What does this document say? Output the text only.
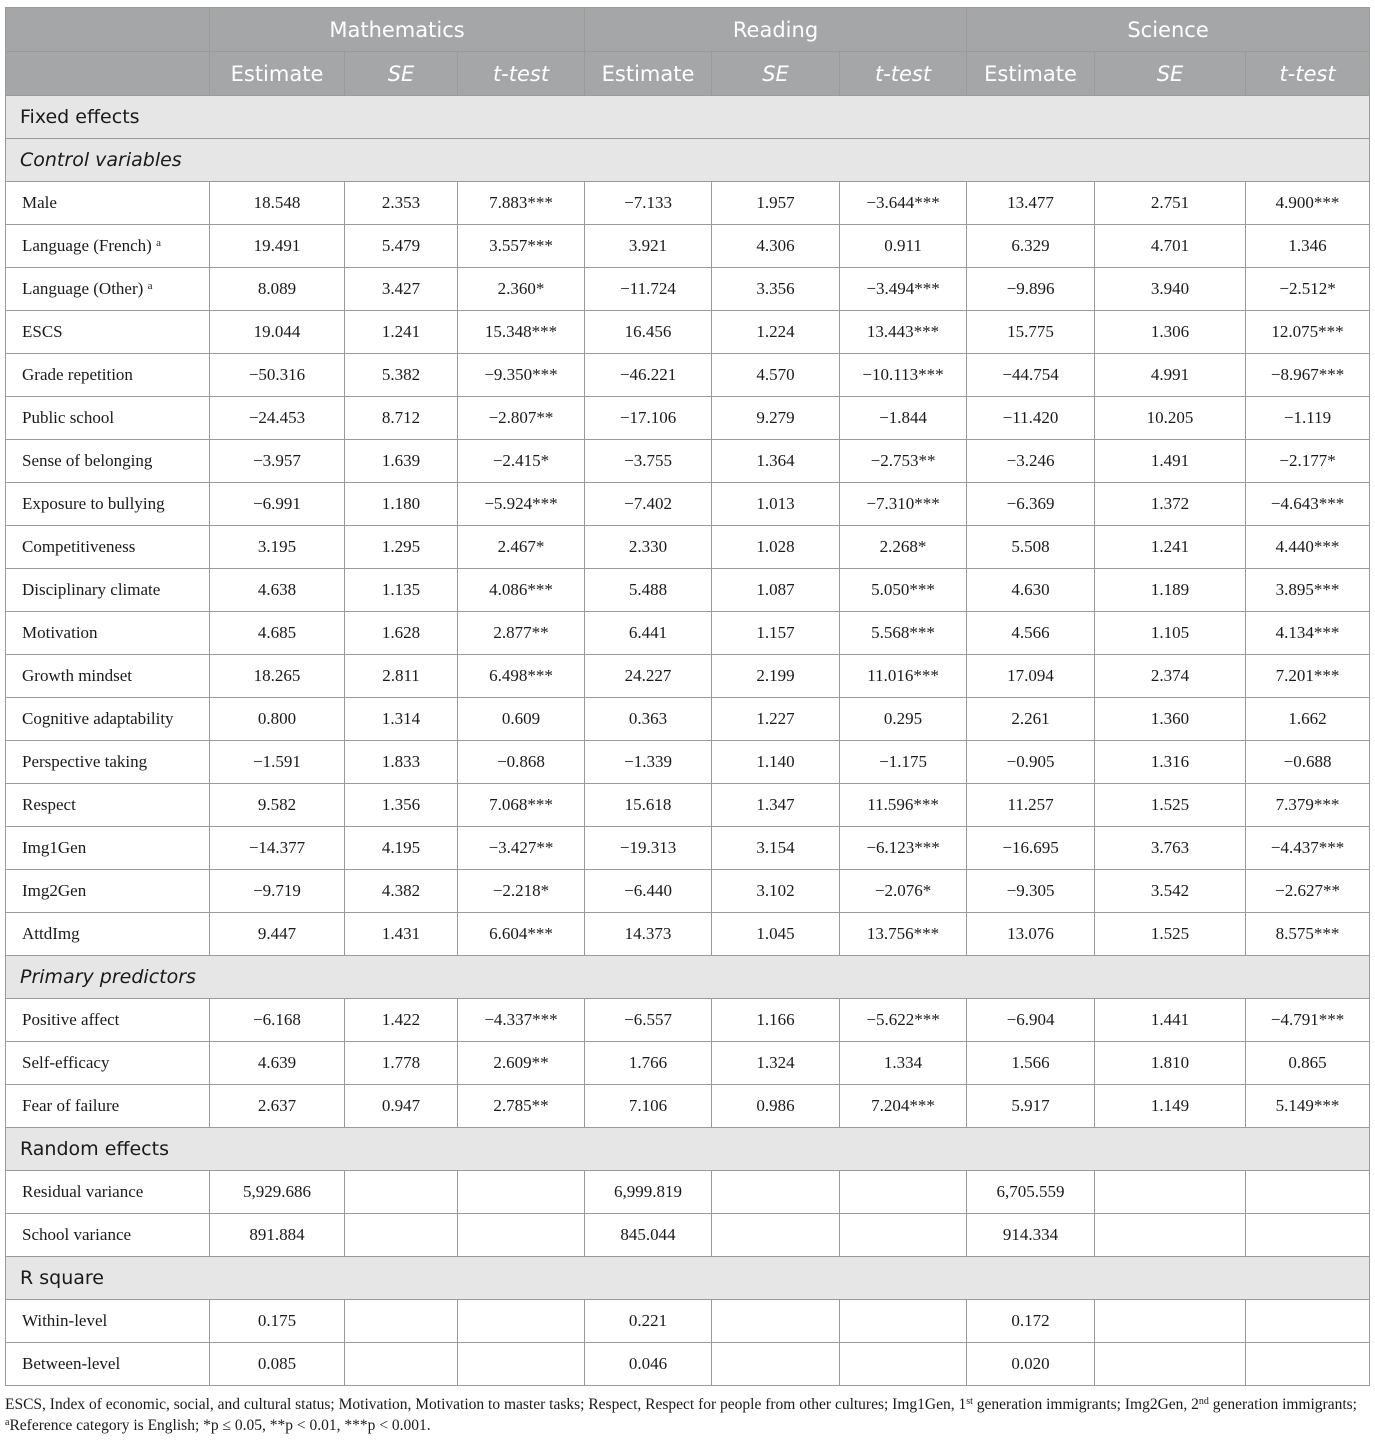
	Mathematics			Reading			Science		
	Estimate	SE	t-test	Estimate	SE	t-test	Estimate	SE	t-test
Fixed effects									
Control variables									
Male	18.548	2.353	7.883***	−7.133	1.957	−3.644***	13.477	2.751	4.900***
Language (French) $^a$	19.491	5.479	3.557***	3.921	4.306	0.911	6.329	4.701	1.346
Language (Other) $^a$	8.089	3.427	2.360*	−11.724	3.356	−3.494***	−9.896	3.940	−2.512*
ESCS	19.044	1.241	15.348***	16.456	1.224	13.443***	15.775	1.306	12.075***
Grade repetition	−50.316	5.382	−9.350***	−46.221	4.570	−10.113***	−44.754	4.991	−8.967***
Public school	−24.453	8.712	−2.807**	−17.106	9.279	−1.844	−11.420	10.205	−1.119
Sense of belonging	−3.957	1.639	−2.415*	−3.755	1.364	−2.753**	−3.246	1.491	−2.177*
Exposure to bullying	−6.991	1.180	−5.924***	−7.402	1.013	−7.310***	−6.369	1.372	−4.643***
Competitiveness	3.195	1.295	2.467*	2.330	1.028	2.268*	5.508	1.241	4.440***
Disciplinary climate	4.638	1.135	4.086***	5.488	1.087	5.050***	4.630	1.189	3.895***
Motivation	4.685	1.628	2.877**	6.441	1.157	5.568***	4.566	1.105	4.134***
Growth mindset	18.265	2.811	6.498***	24.227	2.199	11.016***	17.094	2.374	7.201***
Cognitive adaptability	0.800	1.314	0.609	0.363	1.227	0.295	2.261	1.360	1.662
Perspective taking	−1.591	1.833	−0.868	−1.339	1.140	−1.175	−0.905	1.316	−0.688
Respect	9.582	1.356	7.068***	15.618	1.347	11.596***	11.257	1.525	7.379***
Img1Gen	−14.377	4.195	−3.427**	−19.313	3.154	−6.123***	−16.695	3.763	−4.437***
Img2Gen	−9.719	4.382	−2.218*	−6.440	3.102	−2.076*	−9.305	3.542	−2.627**
AttdImg	9.447	1.431	6.604***	14.373	1.045	13.756***	13.076	1.525	8.575***
Primary predictors									
Positive affect	−6.168	1.422	−4.337***	−6.557	1.166	−5.622***	−6.904	1.441	−4.791***
Self-efficacy	4.639	1.778	2.609**	1.766	1.324	1.334	1.566	1.810	0.865
Fear of failure	2.637	0.947	2.785**	7.106	0.986	7.204***	5.917	1.149	5.149***
Random effects									
Residual variance	5,929.686			6,999.819			6,705.559		
School variance	891.884			845.044			914.334		
R square									
Within-level	0.175			0.221			0.172		
Between-level	0.085			0.046			0.020		
ESCS, Index of economic, social, and cultural status; Motivation, Motivation to master tasks; Respect, Respect for people from other cultures; Img1Gen, 1st generation immigrants; Img2Gen, 2nd generation immigrants; $^a$Reference category is English; *p ≤ 0.05, **p < 0.01, ***p < 0.001.
